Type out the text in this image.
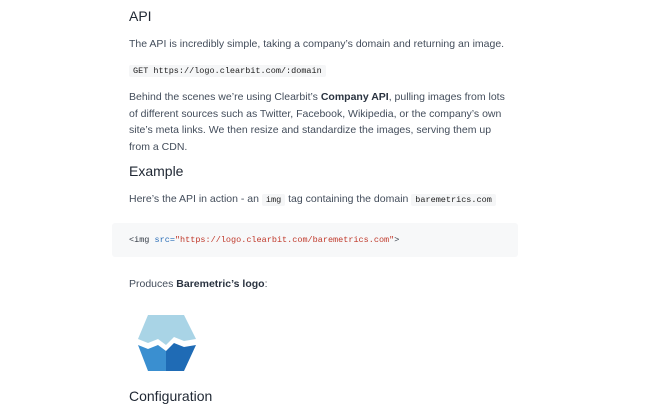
API

The API is incredibly simple, taking a company’s domain and returning an image.

GET https://logo.clearbit.com/:domain

Behind the scenes we’re using Clearbit’s Company API, pulling images from lots of different sources such as Twitter, Facebook, Wikipedia, or the company’s own site’s meta links. We then resize and standardize the images, serving them up from a CDN.

Example

Here’s the API in action - an img tag containing the domain baremetrics.com

<img src="https://logo.clearbit.com/baremetrics.com">

Produces Baremetric’s logo:

Configuration
